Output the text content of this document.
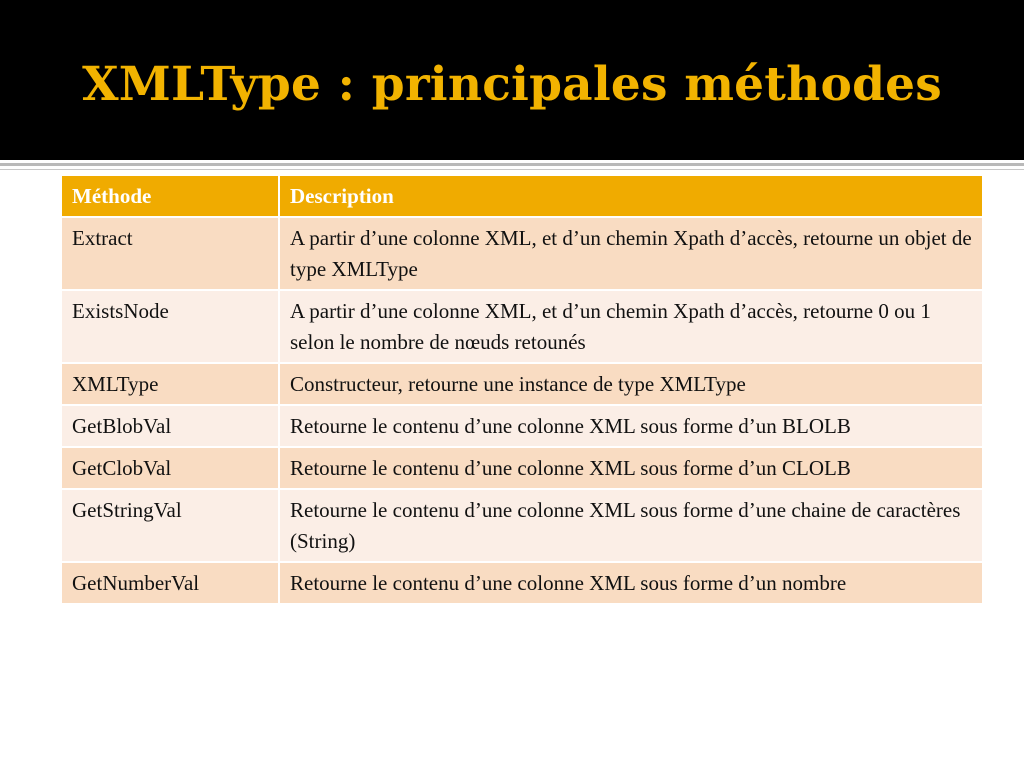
XMLType : principales méthodes
Méthode	Description
Extract	A partir d’une colonne XML, et d’un chemin Xpath d’accès, retourne un objet de type XMLType
ExistsNode	A partir d’une colonne XML, et d’un chemin Xpath d’accès, retourne 0 ou 1 selon le nombre de nœuds retounés
XMLType	Constructeur, retourne une instance de type XMLType
GetBlobVal	Retourne le contenu d’une colonne XML sous forme d’un BLOLB
GetClobVal	Retourne le contenu d’une colonne XML sous forme d’un CLOLB
GetStringVal	Retourne le contenu d’une colonne XML sous forme d’une chaine de caractères (String)
GetNumberVal	Retourne le contenu d’une colonne XML sous forme d’un nombre
